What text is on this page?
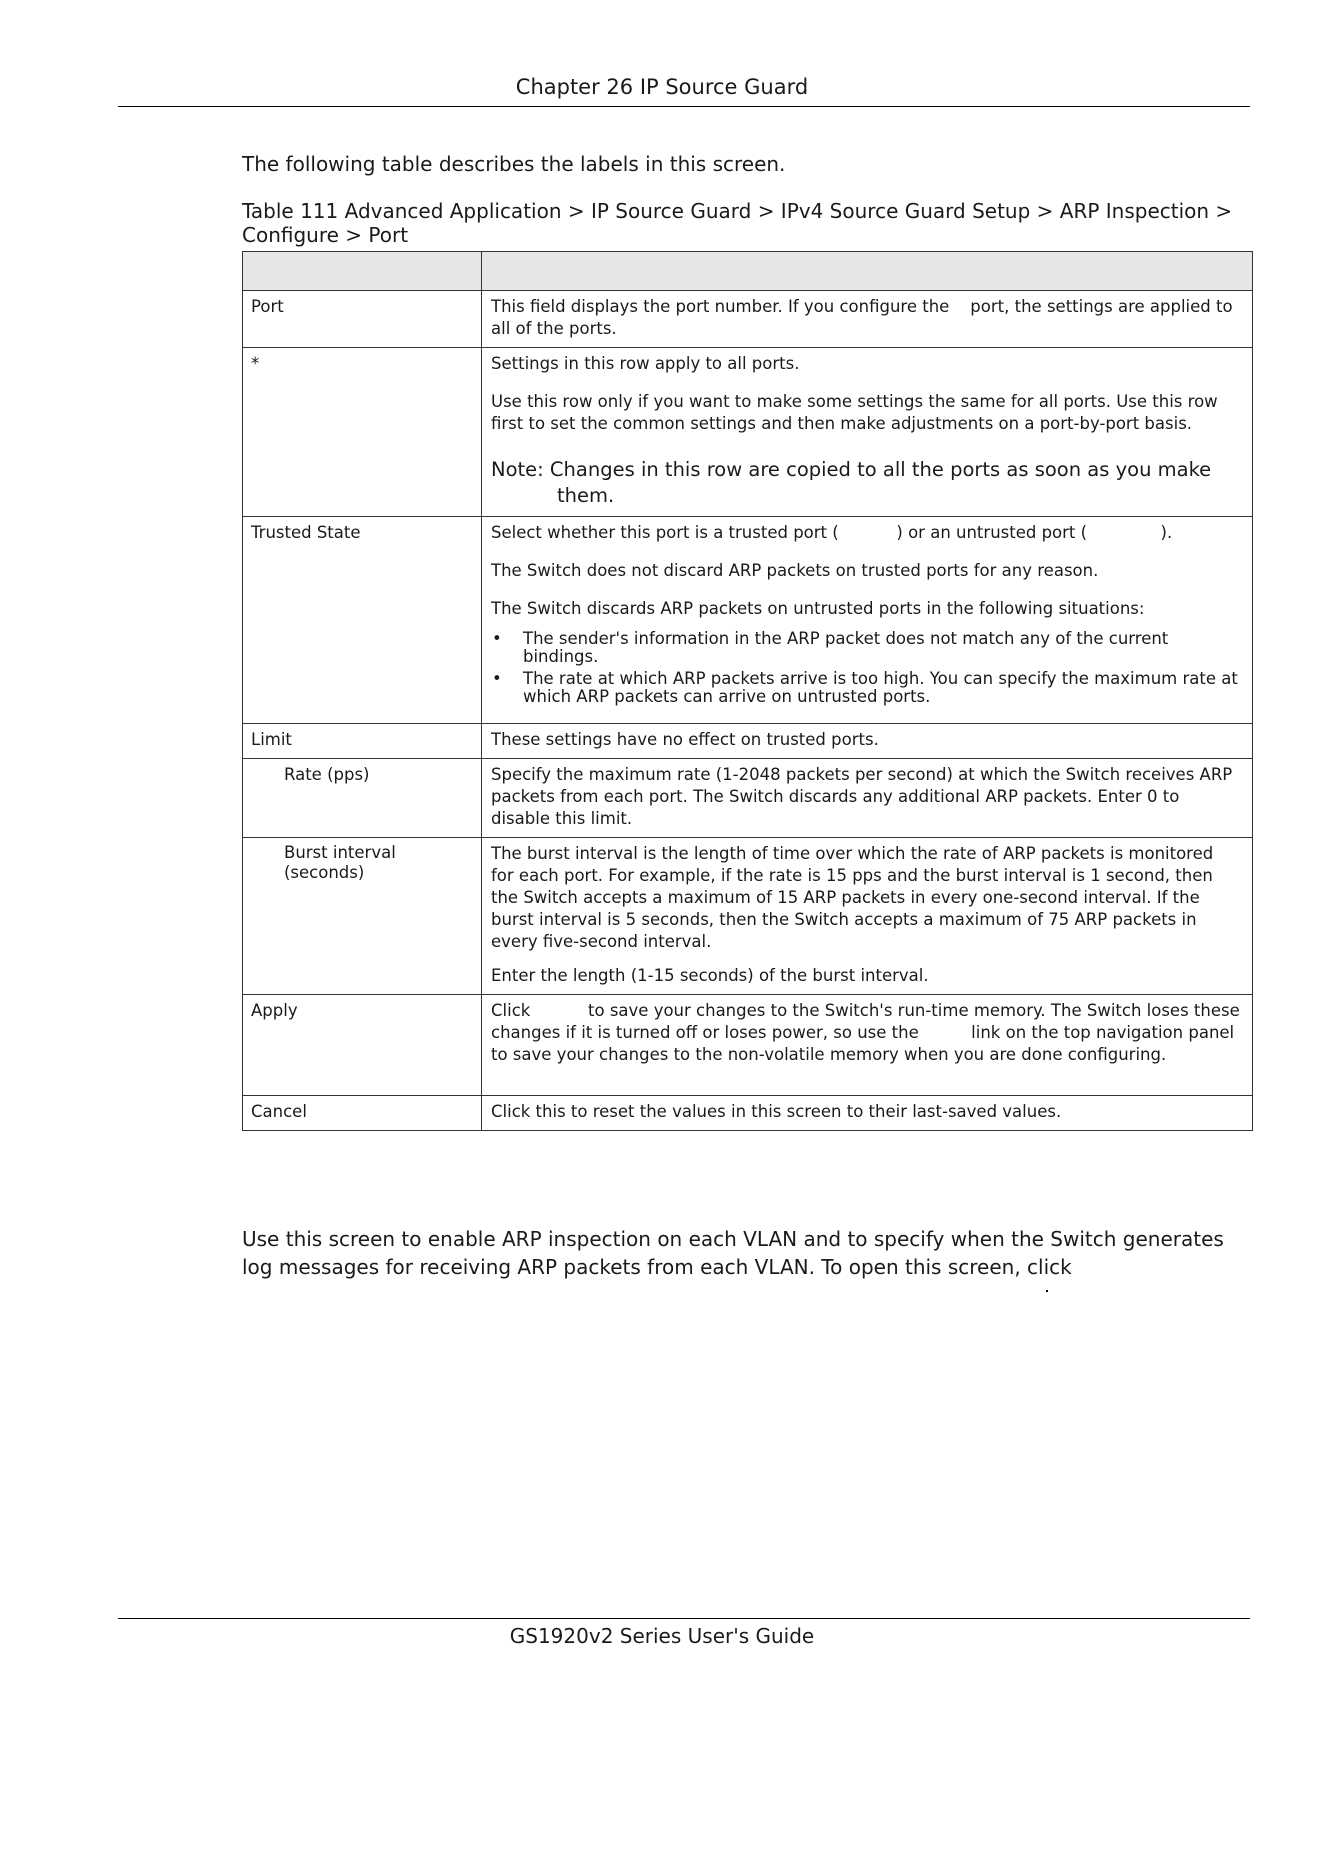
Chapter 26 IP Source Guard
The following table describes the labels in this screen.
Table 111 Advanced Application > IP Source Guard > IPv4 Source Guard Setup > ARP Inspection > Configure > Port

Port	This field displays the port number. If you configure the    port, the settings are applied to all of the ports.

*	Settings in this row apply to all ports.

Use this row only if you want to make some settings the same for all ports. Use this row first to set the common settings and then make adjustments on a port-by-port basis.

Note: Changes in this row are copied to all the ports as soon as you make them.

Trusted State	Select whether this port is a trusted port (           ) or an untrusted port (              ).

The Switch does not discard ARP packets on trusted ports for any reason.

The Switch discards ARP packets on untrusted ports in the following situations:

• The sender's information in the ARP packet does not match any of the current bindings.

• The rate at which ARP packets arrive is too high. You can specify the maximum rate at which ARP packets can arrive on untrusted ports.

Limit	These settings have no effect on trusted ports.

Rate (pps)	Specify the maximum rate (1-2048 packets per second) at which the Switch receives ARP packets from each port. The Switch discards any additional ARP packets. Enter 0 to disable this limit.

Burst interval (seconds)	The burst interval is the length of time over which the rate of ARP packets is monitored for each port. For example, if the rate is 15 pps and the burst interval is 1 second, then the Switch accepts a maximum of 15 ARP packets in every one-second interval. If the burst interval is 5 seconds, then the Switch accepts a maximum of 75 ARP packets in every five-second interval.

Enter the length (1-15 seconds) of the burst interval.

Apply	Click           to save your changes to the Switch's run-time memory. The Switch loses these changes if it is turned off or loses power, so use the          link on the top navigation panel to save your changes to the non-volatile memory when you are done configuring.

Cancel	Click this to reset the values in this screen to their last-saved values.

Use this screen to enable ARP inspection on each VLAN and to specify when the Switch generates log messages for receiving ARP packets from each VLAN. To open this screen, click
GS1920v2 Series User's Guide
